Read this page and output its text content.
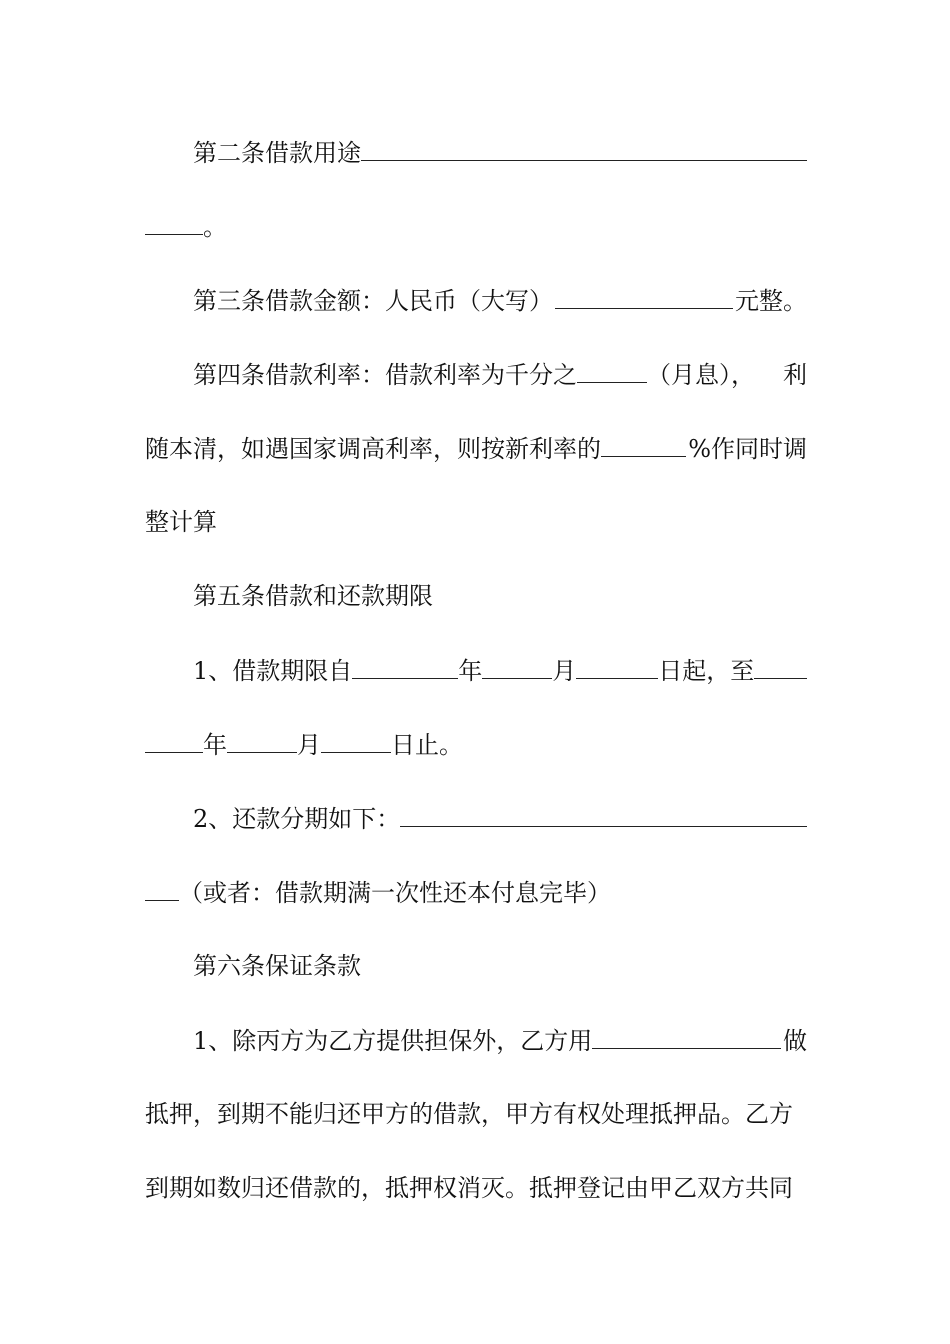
第二条借款用途
。
第三条借款金额：人民币（大写）	元整。
第四条借款利率：借款利率为千分之	（月息）， 利
随本清，如遇国家调高利率，则按新利率的	%作同时调
整计算
第五条借款和还款期限
1、借款期限自	年	月	日起，至
年	月	日止。
2、还款分期如下：
（或者：借款期满一次性还本付息完毕）
第六条保证条款
1、除丙方为乙方提供担保外，乙方用	做
抵押，到期不能归还甲方的借款，甲方有权处理抵押品。乙方
到期如数归还借款的，抵押权消灭。抵押登记由甲乙双方共同
